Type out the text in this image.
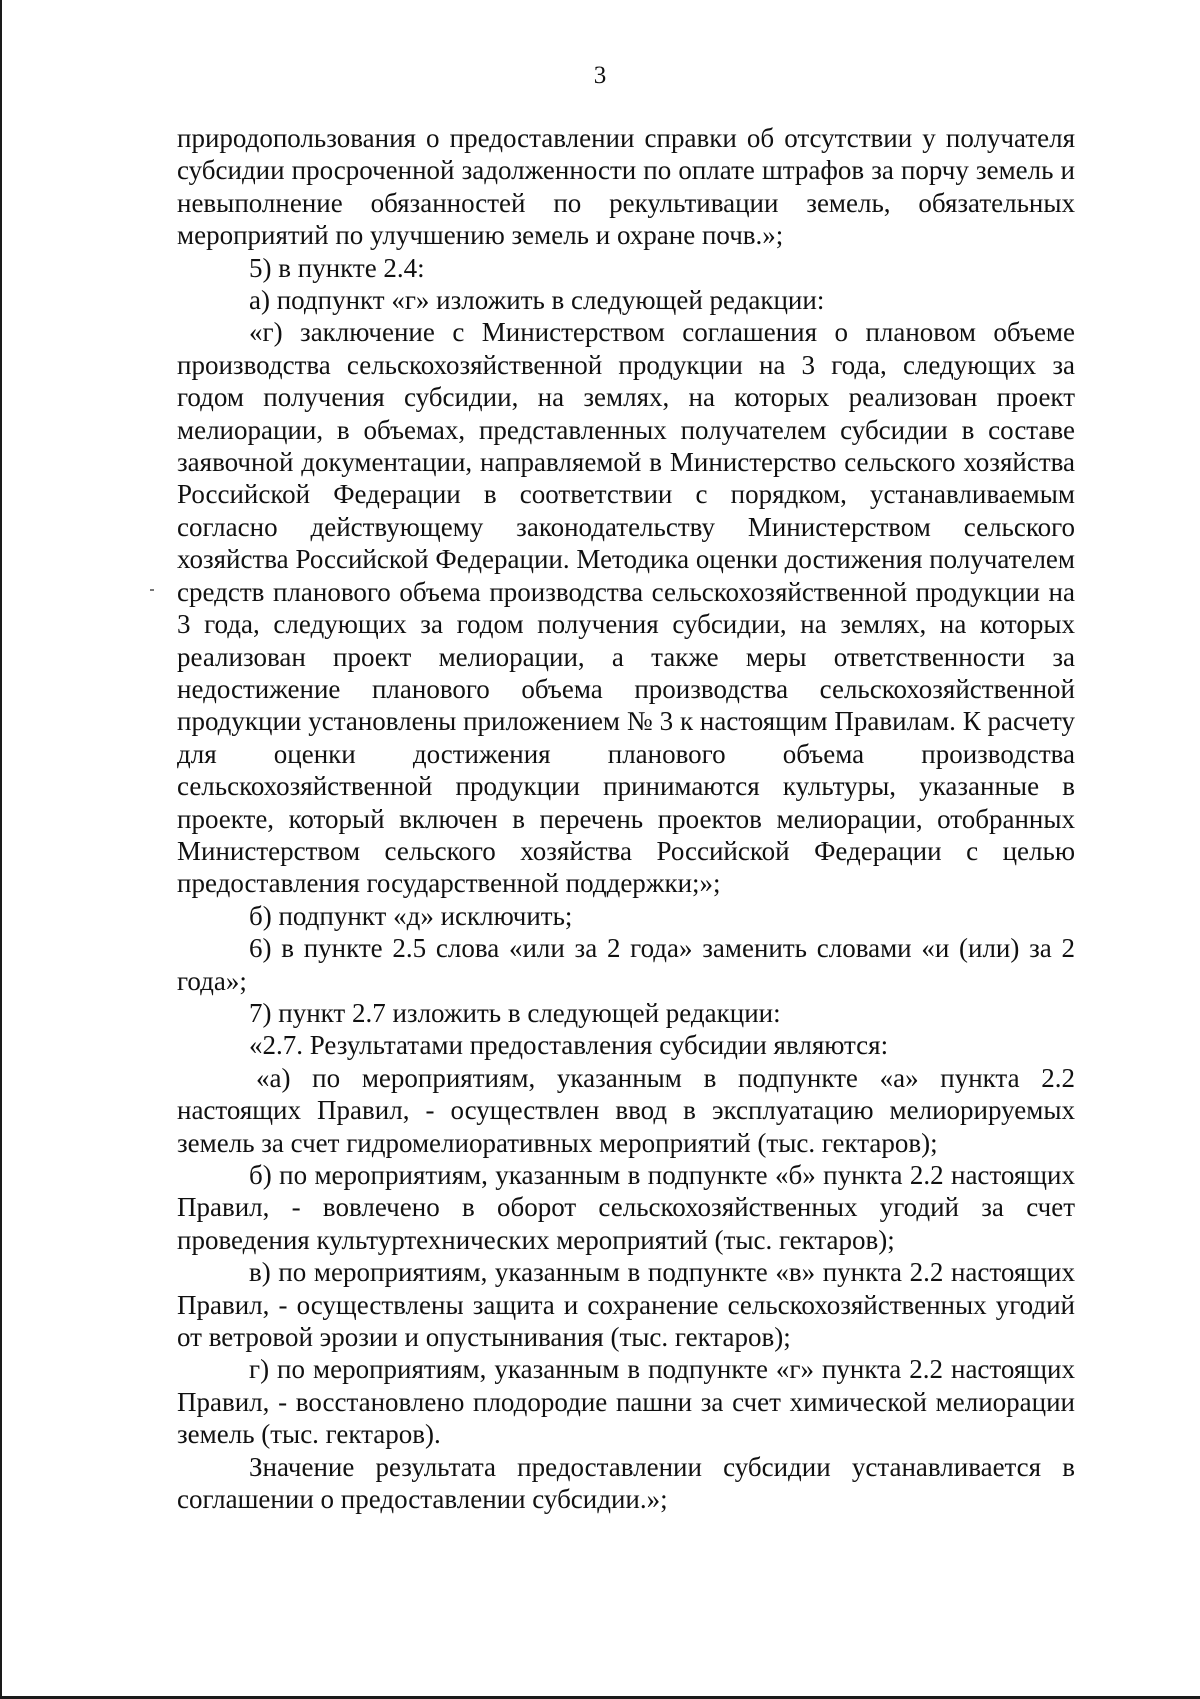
3

природопользования о предоставлении справки об отсутствии у получателя субсидии просроченной задолженности по оплате штрафов за порчу земель и невыполнение обязанностей по рекультивации земель, обязательных мероприятий по улучшению земель и охране почв.»;

5) в пункте 2.4:

а) подпункт «г» изложить в следующей редакции:

«г) заключение с Министерством соглашения о плановом объеме производства сельскохозяйственной продукции на 3 года, следующих за годом получения субсидии, на землях, на которых реализован проект мелиорации, в объемах, представленных получателем субсидии в составе заявочной документации, направляемой в Министерство сельского хозяйства Российской Федерации в соответствии с порядком, устанавливаемым согласно действующему законодательству Министерством сельского хозяйства Российской Федерации. Методика оценки достижения получателем средств планового объема производства сельскохозяйственной продукции на 3 года, следующих за годом получения субсидии, на землях, на которых реализован проект мелиорации, а также меры ответственности за недостижение планового объема производства сельскохозяйственной продукции установлены приложением № 3 к настоящим Правилам. К расчету для оценки достижения планового объема производства сельскохозяйственной продукции принимаются культуры, указанные в проекте, который включен в перечень проектов мелиорации, отобранных Министерством сельского хозяйства Российской Федерации с целью предоставления государственной поддержки;»;

б) подпункт «д» исключить;

6) в пункте 2.5 слова «или за 2 года» заменить словами «и (или) за 2 года»;

7) пункт 2.7 изложить в следующей редакции:

«2.7. Результатами предоставления субсидии являются:

«а) по мероприятиям, указанным в подпункте «а» пункта 2.2 настоящих Правил, - осуществлен ввод в эксплуатацию мелиорируемых земель за счет гидромелиоративных мероприятий (тыс. гектаров);

б) по мероприятиям, указанным в подпункте «б» пункта 2.2 настоящих Правил, - вовлечено в оборот сельскохозяйственных угодий за счет проведения культуртехнических мероприятий (тыс. гектаров);

в) по мероприятиям, указанным в подпункте «в» пункта 2.2 настоящих Правил, - осуществлены защита и сохранение сельскохозяйственных угодий от ветровой эрозии и опустынивания (тыс. гектаров);

г) по мероприятиям, указанным в подпункте «г» пункта 2.2 настоящих Правил, - восстановлено плодородие пашни за счет химической мелиорации земель (тыс. гектаров).

Значение результата предоставлении субсидии устанавливается в соглашении о предоставлении субсидии.»;
